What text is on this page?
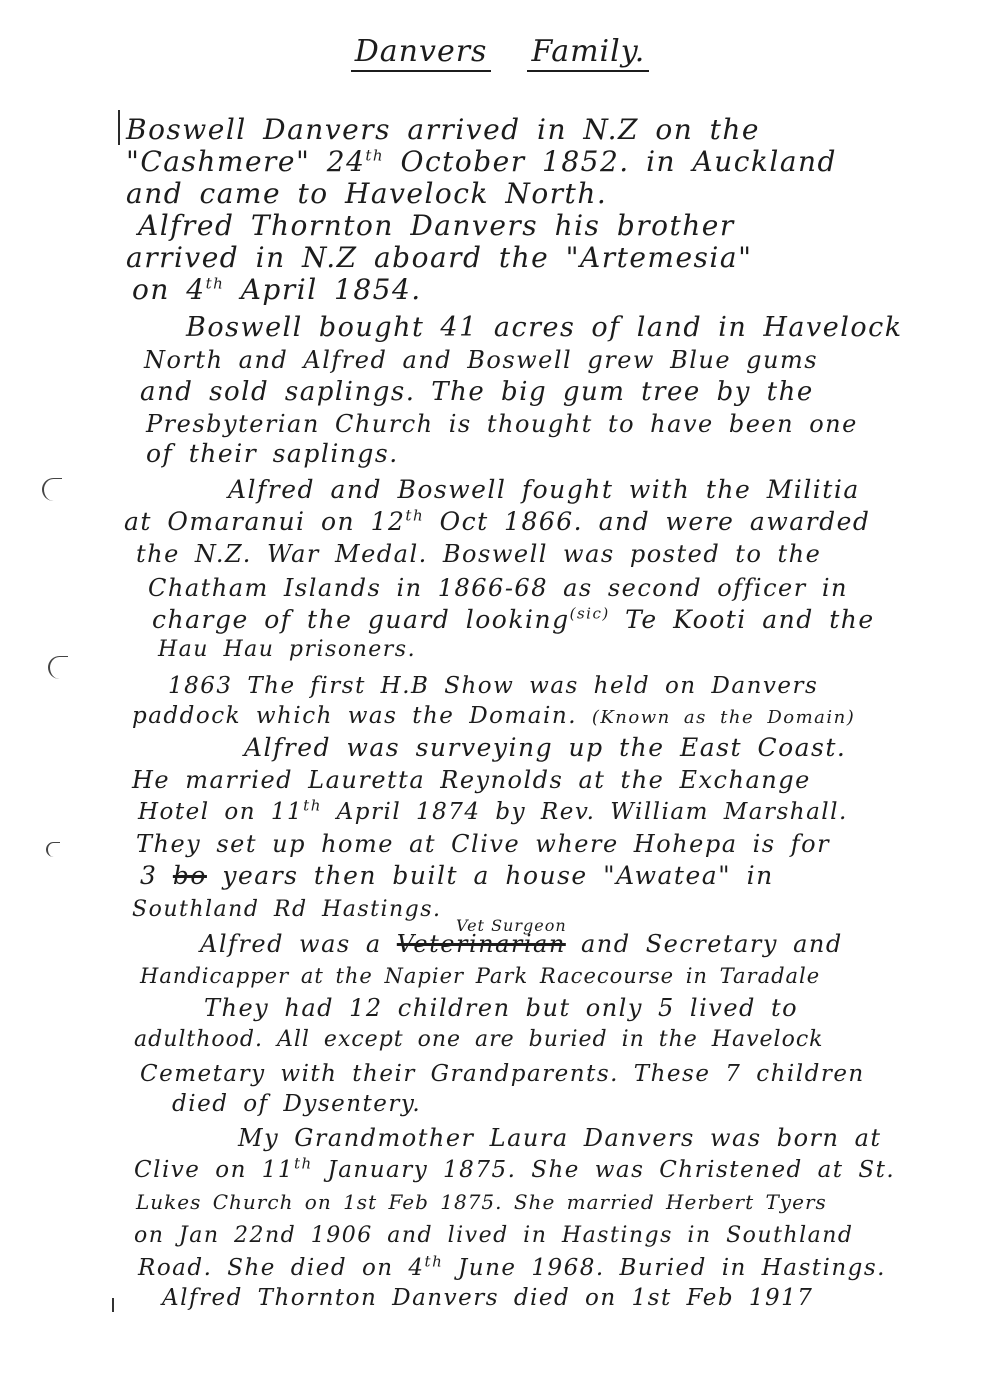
Danvers Family.
Boswell Danvers arrived in N.Z on the
"Cashmere" 24th October 1852. in Auckland
and came to Havelock North.
Alfred Thornton Danvers his brother
arrived in N.Z aboard the "Artemesia"
on 4th April 1854.
Boswell bought 41 acres of land in Havelock
North and Alfred and Boswell grew Blue gums
and sold saplings. The big gum tree by the
Presbyterian Church is thought to have been one
of their saplings.
Alfred and Boswell fought with the Militia
at Omaranui on 12th Oct 1866. and were awarded
the N.Z. War Medal. Boswell was posted to the
Chatham Islands in 1866-68 as second officer in
charge of the guard looking$^{(sic)}$ Te Kooti and the
Hau Hau prisoners.
1863 The first H.B Show was held on Danvers
paddock which was the Domain. (Known as the Domain)
Alfred was surveying up the East Coast.
He married Lauretta Reynolds at the Exchange
Hotel on 11th April 1874 by Rev. William Marshall.
They set up home at Clive where Hohepa is for
3 bo years then built a house "Awatea" in
Southland Rd Hastings.
Vet Surgeon
Alfred was a Veterinarian and Secretary and
Handicapper at the Napier Park Racecourse in Taradale
They had 12 children but only 5 lived to
adulthood. All except one are buried in the Havelock
Cemetary with their Grandparents. These 7 children
died of Dysentery.
My Grandmother Laura Danvers was born at
Clive on 11th January 1875. She was Christened at St.
Lukes Church on 1st Feb 1875. She married Herbert Tyers
on Jan 22nd 1906 and lived in Hastings in Southland
Road. She died on 4th June 1968. Buried in Hastings.
Alfred Thornton Danvers died on 1st Feb 1917
